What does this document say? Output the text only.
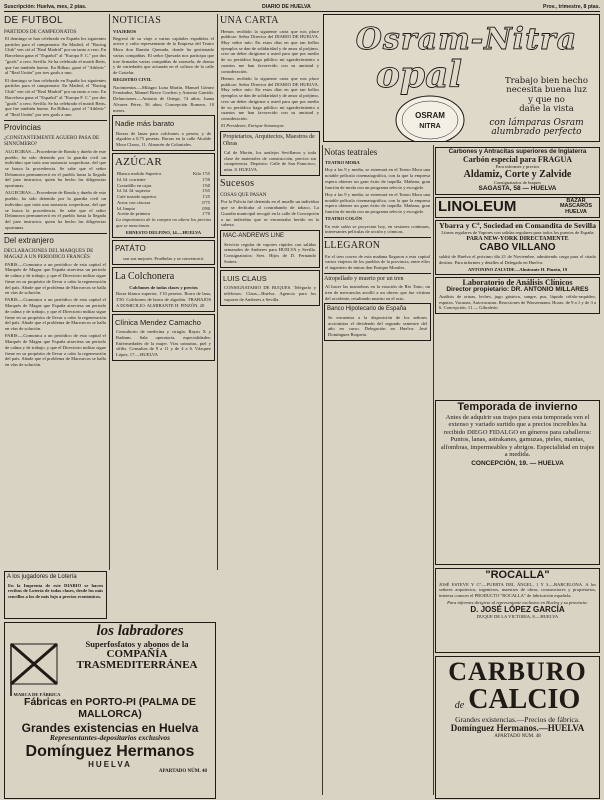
Suscripción: Huelva, mes, 2 ptas.	DIARIO DE HUELVA	Prov., trimestre, 8 ptas.
DE FUTBOL
PARTIDOS DE CAMPEONATOS
El domingo se han celebrado en España los siguientes partidos para el campeonato: En Madrid, el "Racing Club" ven ció al "Real Madrid" por un tanto a cero. En Barcelona gana el "Español" al "Europa F. C." por dos "goals" a cero. Sevilla. Se ha celebrado el match Betis, que fue también bueno. En Bilbao, ganó el "Athletic" al "Real Unión" por tres goals a uno.
El domingo se han celebrado en España los siguientes partidos para el campeonato: En Madrid, el "Racing Club" ven ció al "Real Madrid" por un tanto a cero. En Barcelona gana el "Español" al "Europa F. C." por dos "goals" a cero. Sevilla. Se ha celebrado el match Betis, que fue también bueno. En Bilbao, ganó el "Athletic" al "Real Unión" por tres goals a uno.
Provincias
¿CONSTANTEMENTE AGUERO PASA DE SINNÚMERO?
ALGECIRAS.—Procedente de Ronda y dueño de este pueblo, ha sido detenido por la guardia civil un individuo que traía una sustancia sospechosa, del que se busca la procedencia. Se sabe que el señor Delamorra permanecerá en el pueblo hasta la llegada del juez instructor, quien ha hecho las diligencias oportunas.
ALGECIRAS.—Procedente de Ronda y dueño de este pueblo, ha sido detenido por la guardia civil un individuo que traía una sustancia sospechosa, del que se busca la procedencia. Se sabe que el señor Delamorra permanecerá en el pueblo hasta la llegada del juez instructor, quien ha hecho las diligencias oportunas.
Del extranjero
DECLARACIONES DEL MARQUES DE MAGAZ A UN PERIODICO FRANCÉS
PARIS.—Comunica a un periódico de esta capital el Marqués de Magaz que España atraviesa un periodo de calma y de trabajo, y que el Directorio militar sigue firme en su propósito de llevar a cabo la regeneración del país. Añade que el problema de Marruecos se halla en vías de solución.
PARIS.—Comunica a un periódico de esta capital el Marqués de Magaz que España atraviesa un periodo de calma y de trabajo, y que el Directorio militar sigue firme en su propósito de llevar a cabo la regeneración del país. Añade que el problema de Marruecos se halla en vías de solución.
PARIS.—Comunica a un periódico de esta capital el Marqués de Magaz que España atraviesa un periodo de calma y de trabajo, y que el Directorio militar sigue firme en su propósito de llevar a cabo la regeneración del país. Añade que el problema de Marruecos se halla en vías de solución.
A los jugadores de Lotería
En la Imprenta de este DIARIO se hacen recibos de Lotería de todas clases, desde los más sencillos a los de más lujo a precios económicos.
NOTICIAS
VIAJEROS
Regresó de su viaje a varias capitales españolas el activo y culto representante de la Empresa del Teatro Mora don Ramón Quesada, donde ha gestionado varias compañías. El señor Quesada nos participa que trae firmadas varias compañías de zarzuela, de drama y de variedades que actuarán en el coliseo de la calle de Castelar.
REGISTRO CIVIL
Nacimientos.—Milagro Luna Martín, Manuel Gómez Fernández, Manuel Bravo Cordero y Antonio Garrido. Defunciones.—Antonio de Ortega, 74 años; Juana Alvarez Pérez, 56 años; Concepción Romero, 10 meses.
Nadie más barato
Borras de lanas para colchones a peseta, y de algodón a 0,75 pesetas. Borras en la calle Alcalde Mora Claros, 11. Almacén de Coloniales.
AZÚCAR
Blanco molido Superior	Kilo 1'55
Id. Id. corriente	1'50
Cortadillo en cajas	1'60
Id. Id. Id. superior	1'65
Cafe tostado superior	1'25
Arroz con cáscara	0'75
Id. limpio	0'80
Aceite de primera	1'70
La importancia de la compra no altera los precios que se mencionan.
ERNESTO DELFINO, 14.—HUELVA
PATÁTO
son sus mejores. Pruébelas y se convencerá.
La Colchonera
Colchones de todas clases y precios
Borra blanca superior, 1'10 pesetas. Borra de lana, 3'50. Colchones de borra de algodón. TRABAJOS A DOMICILIO. ALMIRANTE H. PINZÓN, 20
Clínica Mendez Camacho
Consultorio de medicina y cirugía. Rayos X y Radium. Sala operatoria, especialidades: Enfermedades de la mujer. Vías urinarias, piel y sífilis. Consultas de 9 a 11 y de 4 a 6. Vázquez López, 17.—HUELVA
UNA CARTA
Hemos recibido la siguiente carta que nos place publicar: Señor Director del DIARIO DE HUELVA. Muy señor mío: En estos días en que tan bellos ejemplos se dan de solidaridad y de amor al prójimo, creo un deber dirigirme a usted para que por medio de su periódico haga público mi agradecimiento a cuantos me han favorecido con su amistad y consideración.
Hemos recibido la siguiente carta que nos place publicar: Señor Director del DIARIO DE HUELVA. Muy señor mío: En estos días en que tan bellos ejemplos se dan de solidaridad y de amor al prójimo, creo un deber dirigirme a usted para que por medio de su periódico haga público mi agradecimiento a cuantos me han favorecido con su amistad y consideración.
El Presidente, Enrique Sotomayor.
Propietarios, Arquitectos, Maestros de Obras
Cal de Morón, los azulejos Sevillanos y toda clase de materiales de construcción, precios sin competencia. Depósito: Calle de San Francisco, núm. 8. HUELVA
Sucesos
COSAS QUE PASAN
Por la Policía fué detenido en el muelle un individuo que se dedicaba al contrabando de tabaco. La Guardia municipal recogió en la calle de Concepción a un individuo que se encontraba herido en la cabeza.
MAC-ANDREWS LINE
Servicio regular de vapores rápidos con salidas semanales de Amberes para HUELVA y Sevilla. Consignatarios: Sres. Hijos de D. Fernando Suárez.
LUIS CLAUS
CONSIGNATARIO DE BUQUES. Telégrafo y teléfonos: Claus—Huelva. Agencia para los vapores de Amberes a Sevilla.
Osram-Nitra
opal
OSRAM
NITRA
Trabajo bien hecho
necesita buena luz
y que no
dañe la vista
con lámparas Osram
alumbrado perfecto
Notas teatrales
TEATRO MORA
Hoy a las 9 y media, se estrenará en el Teatro Mora una notable película cinematográfica, con la que la empresa espera obtener un gran éxito de taquilla. Mañana, gran función de moda con un programa selecto y escogido.
Hoy a las 9 y media, se estrenará en el Teatro Mora una notable película cinematográfica, con la que la empresa espera obtener un gran éxito de taquilla. Mañana, gran función de moda con un programa selecto y escogido.
TEATRO COLÓN
En este salón se proyectan hoy, en sesiones continuas, interesantes películas de acción y cómicas.
LLEGARON
En el tren correo de esta mañana llegaron a esta capital varios viajeros de los pueblos de la provincia, entre ellos el ingeniero de minas don Enrique Morales.
Atropellado y muerto por un tren
Al hacer las maniobras en la estación de Río Tinto, un tren de mercancías arrolló a un obrero que fue víctima del accidente, resultando muerto en el acto.
Banco Hipotecario de España
Se encuentra a la disposición de los señores accionistas el dividendo del segundo semestre del año en curso. Delegación en Huelva: José Domínguez Roqueta.
Carbones y Antracitas superiores de Inglaterra
Carbón especial para FRAGUA
Para informes y precios
Aldamiz, Corte y Zalvide
Consignatarios de buques
SAGASTA, 58 — HUELVA
LINOLEUM	BAZAR MASCARÓS HUELVA
Ybarra y Cª, Sociedad en Comandita de Sevilla
Líneas regulares de Vapores con salidas regulares para todos los puertos de España
PARA NEW-YORK DIRECTAMENTE
CABO VILLANO
saldrá de Huelva el próximo día 21 de Noviembre, admitiendo carga para el citado destino. Para informes y detalles al Delegado en Huelva:
ANTONINO ZALVIDE—Almirante H. Pinzón, 19
Laboratorio de Análisis Clínicos
Director propietario: DR. ANTONIO MILLARES
Análisis de orinas, leches, jugo gástrico, sangre, pus, líquido céfalo-raquídeo, esputos. Vacunas, Autovacunas. Reacciones de Wassermann. Horas: de 9 a 1 y de 3 a 6. Concepción, 11 — Gibraleón
Temporada de invierno
Antes de adquirir sus trajes para esta temporada ven el extenso y variado surtido que a precios increíbles ha recibido DIEGO FIDALGO en géneros para caballeros: Puntos, lanas, astrakanes, gamuzas, pieles, mantas, alfombras, impermeables y abrigos. Especialidad en trajes a medida.
CONCEPCIÓN, 19. — HUELVA
"ROCALLA"
JOSÉ ESTEVE Y Cª.—PUERTA DEL ÁNGEL, 1 Y 3.—BARCELONA. A los señores arquitectos, ingenieros, maestros de obras, constructores y propietarios, interesa conocer el PRODUCTO "ROCALLA" de fabricación española.
Para informes dirigirse al representante exclusivo en Huelva y su provincia:
D. JOSÉ LÓPEZ GARCÍA
DUQUE DE LA VICTORIA, 8.—HUELVA
los labradores
Superfosfatos y abonos de la
COMPAÑÍA TRASMEDITERRÁNEA
MARCA DE FÁBRICA
Fábricas en PORTO-PI (PALMA DE MALLORCA)
Grandes existencias en Huelva
Representantes-depositarios exclusivos
Domínguez Hermanos
HUELVA
APARTADO NÚM. 48
CARBURO
de CALCIO
Grandes existencias.—Precios de fábrica.
Domínguez Hermanos.—HUELVA
APARTADO NUM. 48
